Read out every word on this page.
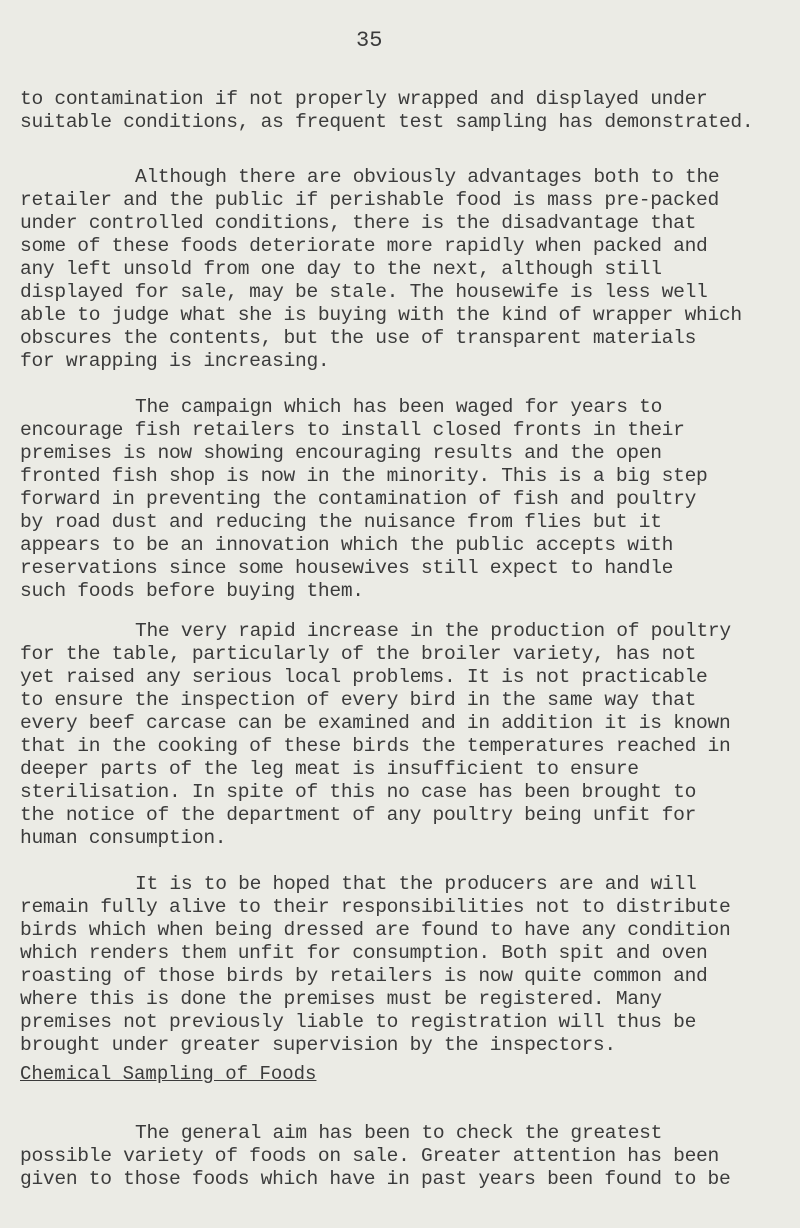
35
to contamination if not properly wrapped and displayed under
suitable conditions, as frequent test sampling has demonstrated.
Although there are obviously advantages both to the
retailer and the public if perishable food is mass pre-packed
under controlled conditions, there is the disadvantage that
some of these foods deteriorate more rapidly when packed and
any left unsold from one day to the next, although still
displayed for sale, may be stale. The housewife is less well
able to judge what she is buying with the kind of wrapper which
obscures the contents, but the use of transparent materials
for wrapping is increasing.
The campaign which has been waged for years to
encourage fish retailers to install closed fronts in their
premises is now showing encouraging results and the open
fronted fish shop is now in the minority. This is a big step
forward in preventing the contamination of fish and poultry
by road dust and reducing the nuisance from flies but it
appears to be an innovation which the public accepts with
reservations since some housewives still expect to handle
such foods before buying them.
The very rapid increase in the production of poultry
for the table, particularly of the broiler variety, has not
yet raised any serious local problems. It is not practicable
to ensure the inspection of every bird in the same way that
every beef carcase can be examined and in addition it is known
that in the cooking of these birds the temperatures reached in
deeper parts of the leg meat is insufficient to ensure
sterilisation. In spite of this no case has been brought to
the notice of the department of any poultry being unfit for
human consumption.
It is to be hoped that the producers are and will
remain fully alive to their responsibilities not to distribute
birds which when being dressed are found to have any condition
which renders them unfit for consumption. Both spit and oven
roasting of those birds by retailers is now quite common and
where this is done the premises must be registered. Many
premises not previously liable to registration will thus be
brought under greater supervision by the inspectors.
Chemical Sampling of Foods
The general aim has been to check the greatest
possible variety of foods on sale. Greater attention has been
given to those foods which have in past years been found to be
